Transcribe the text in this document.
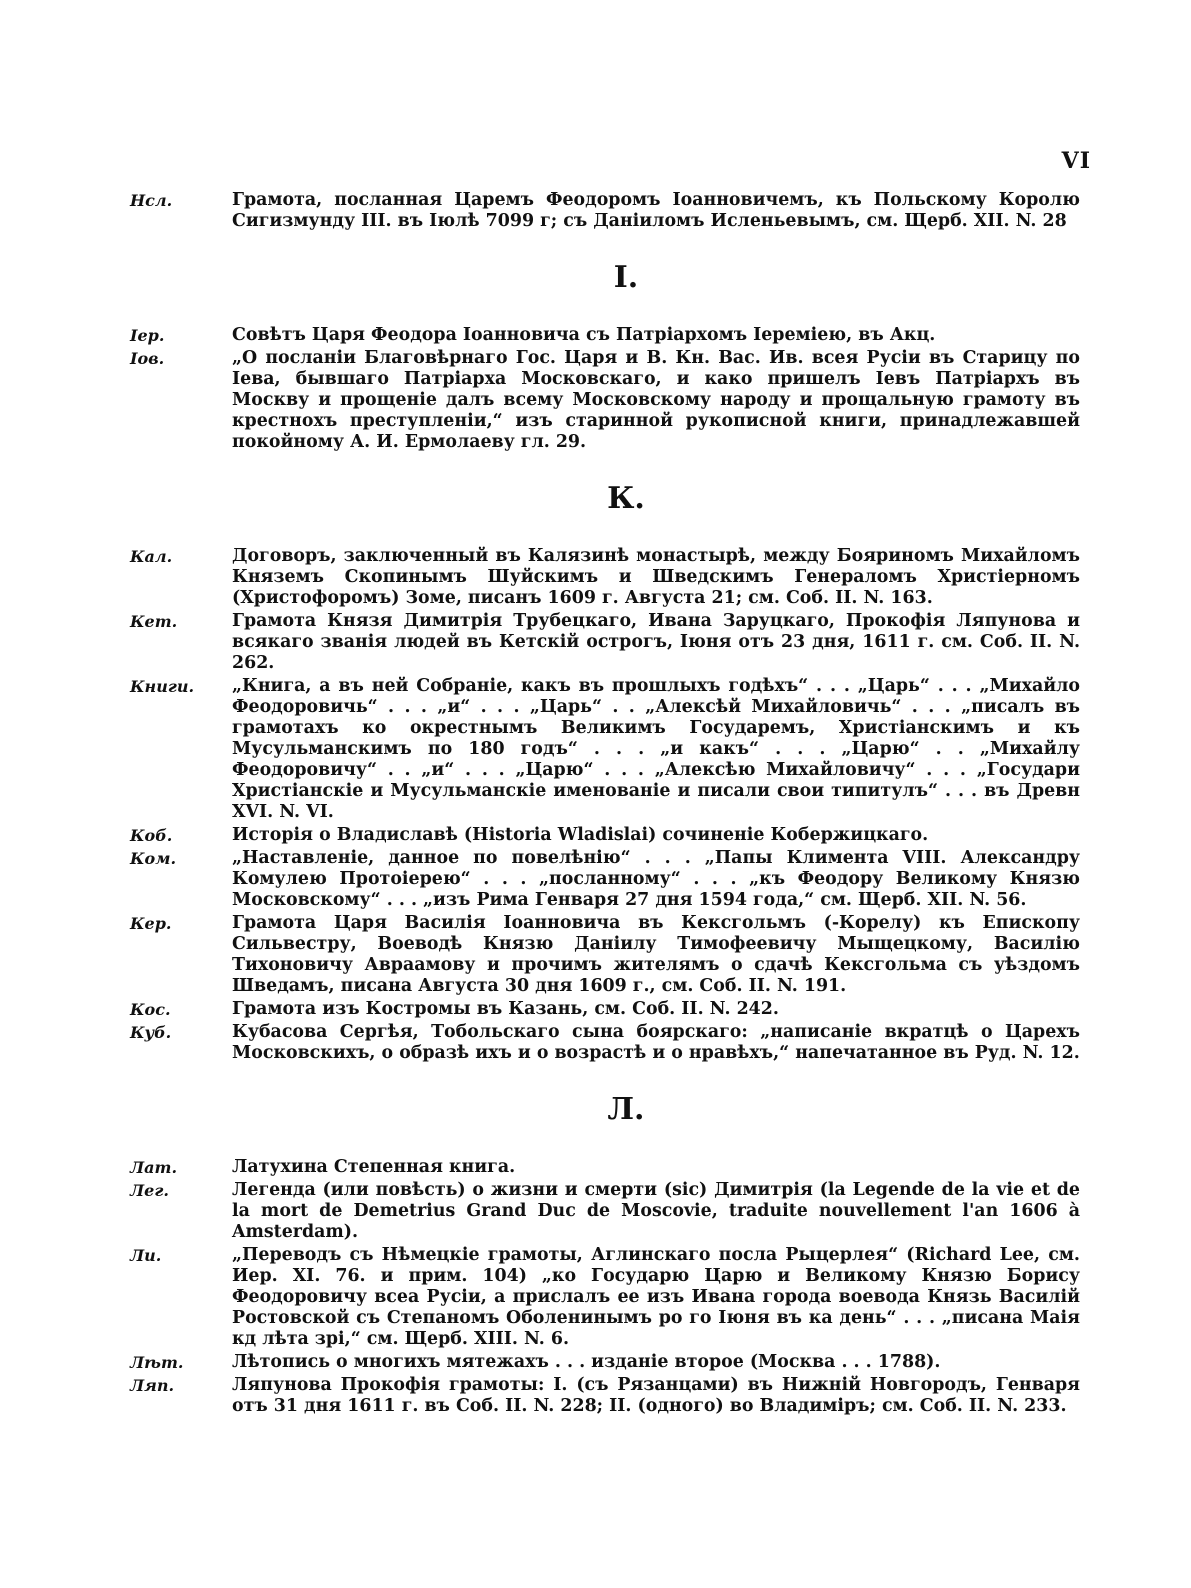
VI
Нсл.	Грамота, посланная Царемъ Феодоромъ Іоанновичемъ, къ Польскому Королю Сигизмунду III. въ Іюлѣ 7099 г; съ Даніиломъ Исленьевымъ, см. Щерб. XII. N. 28
І.
Іер.	Совѣтъ Царя Феодора Іоанновича съ Патріархомъ Іереміею, въ Акц.
Іов.	„О посланіи Благовѣрнаго Гос. Царя и В. Кн. Вас. Ив. всея Русіи въ Старицу по Іева, бывшаго Патріарха Московскаго, и како пришелъ Іевъ Патріархъ въ Москву и прощеніе далъ всему Московскому народу и прощальную грамоту въ крестнохъ преступленіи,“ изъ старинной рукописной книги, принадлежавшей покойному А. И. Ермолаеву гл. 29.
К.
Кал.	Договоръ, заключенный въ Калязинѣ монастырѣ, между Бояриномъ Михайломъ Княземъ Скопинымъ Шуйскимъ и Шведскимъ Генераломъ Христіерномъ (Христофоромъ) Зоме, писанъ 1609 г. Августа 21; см. Соб. II. N. 163.
Кет.	Грамота Князя Димитрія Трубецкаго, Ивана Заруцкаго, Прокофія Ляпунова и всякаго званія людей въ Кетскій острогъ, Іюня отъ 23 дня, 1611 г. см. Соб. II. N. 262.
Книги.	„Книга, а въ ней Собраніе, какъ въ прошлыхъ годѣхъ“ . . . „Царь“ . . . „Михайло Феодоровичь“ . . . „и“ . . . „Царь“ . . „Алексѣй Михайловичь“ . . . „писалъ въ грамотахъ ко окрестнымъ Великимъ Государемъ, Христіанскимъ и къ Мусульманскимъ по 180 годъ“ . . . „и какъ“ . . . „Царю“ . . „Михайлу Феодоровичу“ . . „и“ . . . „Царю“ . . . „Алексѣю Михайловичу“ . . . „Государи Христіанскіе и Мусульманскіе именованіе и писали свои типитулъ“ . . . въ Древн XVI. N. VI.
Коб.	Исторія о Владиславѣ (Historia Wladislai) сочиненіе Кобержицкаго.
Ком.	„Наставленіе, данное по повелѣнію“ . . . „Папы Климента VIII. Александру Комулею Протоіерею“ . . . „посланному“ . . . „къ Феодору Великому Князю Московскому“ . . . „изъ Рима Генваря 27 дня 1594 года,“ см. Щерб. XII. N. 56.
Кер.	Грамота Царя Василія Іоанновича въ Кексгольмъ (-Корелу) къ Епископу Сильвестру, Воеводѣ Князю Даніилу Тимофеевичу Мыщецкому, Василію Тихоновичу Авраамову и прочимъ жителямъ о сдачѣ Кексгольма съ уѣздомъ Шведамъ, писана Августа 30 дня 1609 г., см. Соб. II. N. 191.
Кос.	Грамота изъ Костромы въ Казань, см. Соб. II. N. 242.
Куб.	Кубасова Сергѣя, Тобольскаго сына боярскаго: „написаніе вкратцѣ о Царехъ Московскихъ, о образѣ ихъ и о возрастѣ и о нравѣхъ,“ напечатанное въ Руд. N. 12.
Л.
Лат.	Латухина Степенная книга.
Лег.	Легенда (или повѣсть) о жизни и смерти (sic) Димитрія (la Legende de la vie et de la mort de Demetrius Grand Duc de Moscovie, traduite nouvellement l'an 1606 à Amsterdam).
Ли.	„Переводъ съ Нѣмецкіе грамоты, Аглинскаго посла Рыцерлея“ (Richard Lee, см. Иер. XI. 76. и прим. 104) „ко Государю Царю и Великому Князю Борису Феодоровичу всеа Русіи, а прислалъ ее изъ Ивана города воевода Князь Василій Ростовской съ Степаномъ Оболенинымъ ро го Іюня въ ка день“ . . . „писана Маія кд лѣта зрі,“ см. Щерб. XIII. N. 6.
Лѣт.	Лѣтопись о многихъ мятежахъ . . . изданіе второе (Москва . . . 1788).
Ляп.	Ляпунова Прокофія грамоты: I. (съ Рязанцами) въ Нижній Новгородъ, Генваря отъ 31 дня 1611 г. въ Соб. II. N. 228; II. (одного) во Владиміръ; см. Соб. II. N. 233.
